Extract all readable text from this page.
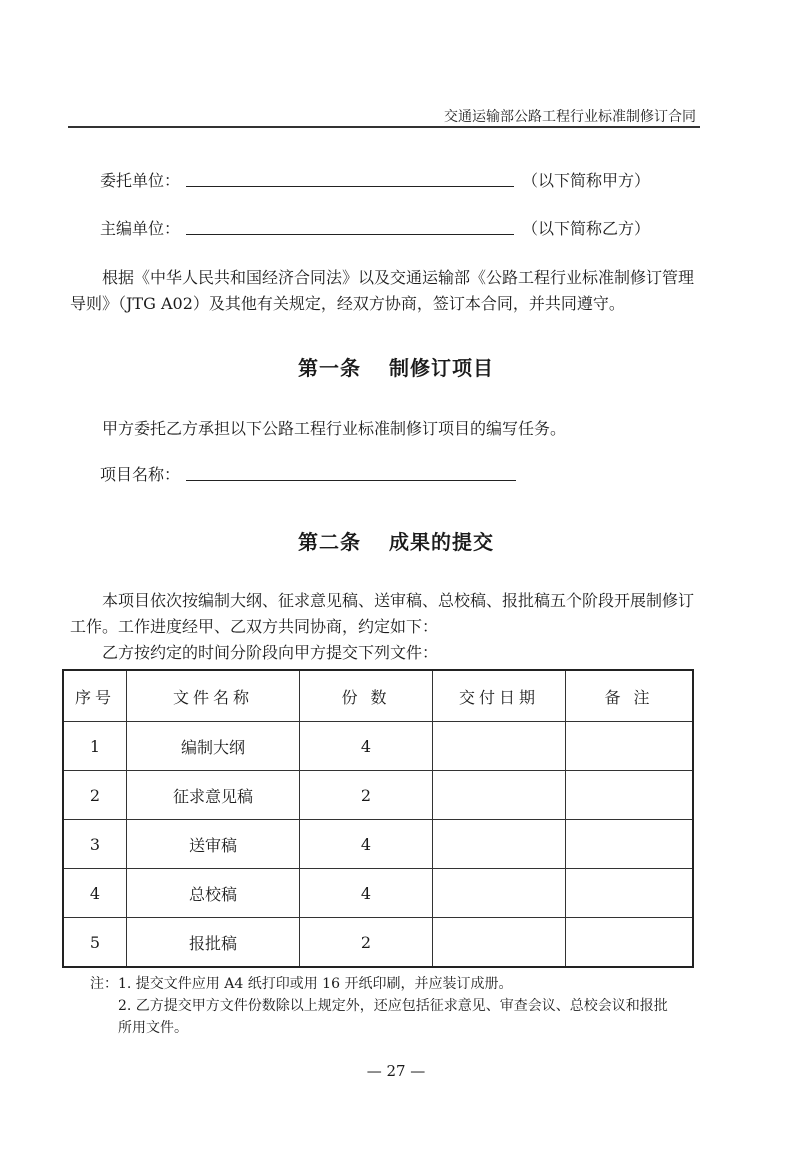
交通运输部公路工程行业标准制修订合同
委托单位：	（以下简称甲方）
主编单位：	（以下简称乙方）
根据《中华人民共和国经济合同法》以及交通运输部《公路工程行业标准制修订管理导则》（JTG A02）及其他有关规定，经双方协商，签订本合同，并共同遵守。
第一条 制修订项目
甲方委托乙方承担以下公路工程行业标准制修订项目的编写任务。
项目名称：
第二条 成果的提交
本项目依次按编制大纲、征求意见稿、送审稿、总校稿、报批稿五个阶段开展制修订工作。工作进度经甲、乙双方共同协商，约定如下：
乙方按约定的时间分阶段向甲方提交下列文件：
序号	文件名称	份 数	交付日期	备 注
1	编制大纲	4		
2	征求意见稿	2		
3	送审稿	4		
4	总校稿	4		
5	报批稿	2		
注：1. 提交文件应用 A4 纸打印或用 16 开纸印刷，并应装订成册。
2. 乙方提交甲方文件份数除以上规定外，还应包括征求意见、审查会议、总校会议和报批
所用文件。
— 27 —
